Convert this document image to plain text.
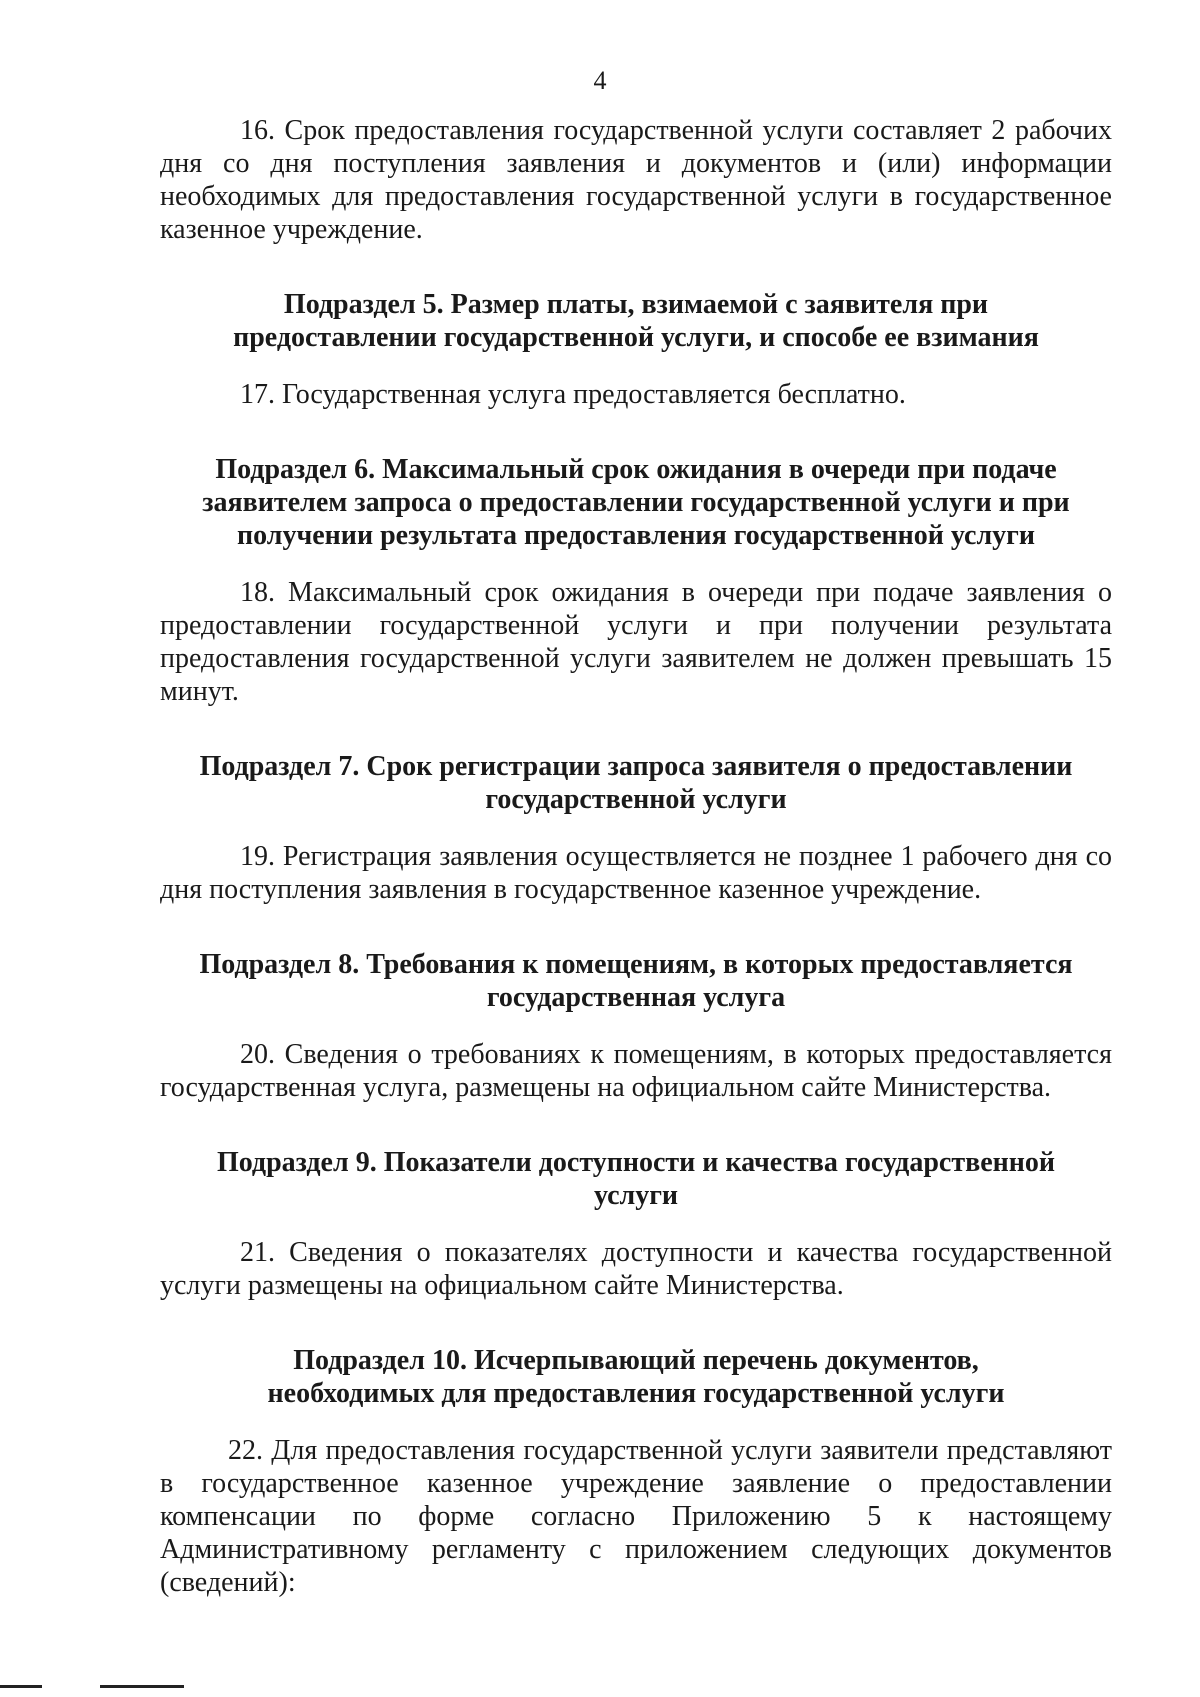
4

16. Срок предоставления государственной услуги составляет 2 рабочих дня со дня поступления заявления и документов и (или) информации необходимых для предоставления государственной услуги в государственное казенное учреждение.

Подраздел 5. Размер платы, взимаемой с заявителя при
предоставлении государственной услуги, и способе ее взимания

17. Государственная услуга предоставляется бесплатно.

Подраздел 6. Максимальный срок ожидания в очереди при подаче
заявителем запроса о предоставлении государственной услуги и при
получении результата предоставления государственной услуги

18. Максимальный срок ожидания в очереди при подаче заявления о предоставлении государственной услуги и при получении результата предоставления государственной услуги заявителем не должен превышать 15 минут.

Подраздел 7. Срок регистрации запроса заявителя о предоставлении
государственной услуги

19. Регистрация заявления осуществляется не позднее 1 рабочего дня со дня поступления заявления в государственное казенное учреждение.

Подраздел 8. Требования к помещениям, в которых предоставляется
государственная услуга

20. Сведения о требованиях к помещениям, в которых предоставляется государственная услуга, размещены на официальном сайте Министерства.

Подраздел 9. Показатели доступности и качества государственной
услуги

21. Сведения о показателях доступности и качества государственной услуги размещены на официальном сайте Министерства.

Подраздел 10. Исчерпывающий перечень документов,
необходимых для предоставления государственной услуги

22. Для предоставления государственной услуги заявители представляют в государственное казенное учреждение заявление о предоставлении компенсации по форме согласно Приложению 5 к настоящему Административному регламенту с приложением следующих документов (сведений):
